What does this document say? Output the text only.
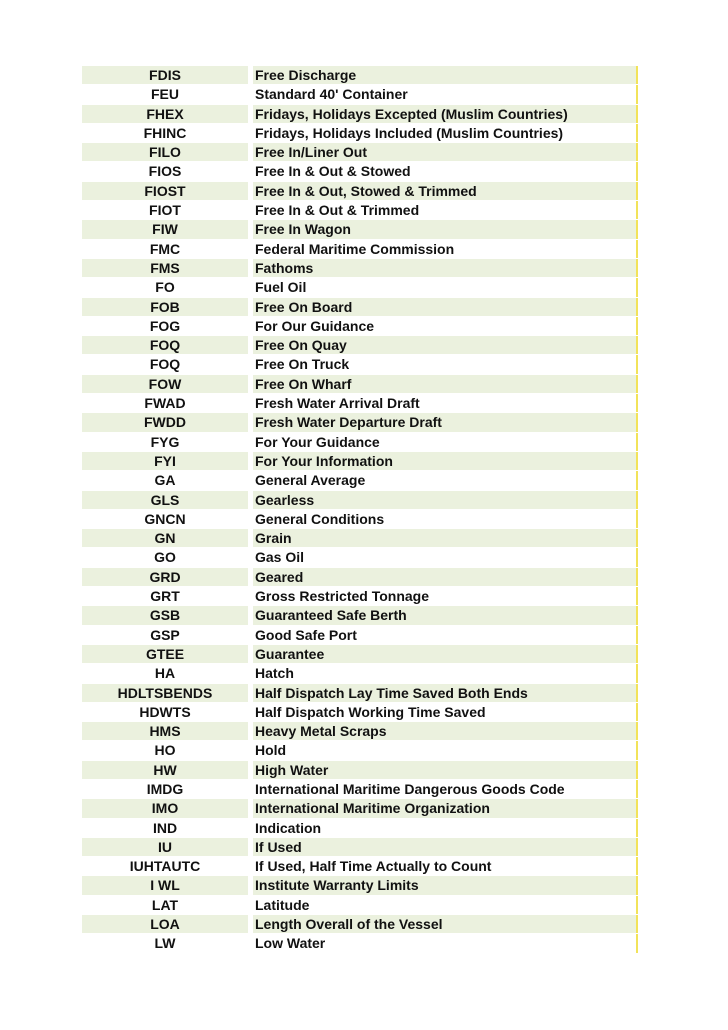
FDIS	Free Discharge
FEU	Standard 40' Container
FHEX	Fridays, Holidays Excepted (Muslim Countries)
FHINC	Fridays, Holidays Included (Muslim Countries)
FILO	Free In/Liner Out
FIOS	Free In & Out & Stowed
FIOST	Free In & Out, Stowed & Trimmed
FIOT	Free In & Out & Trimmed
FIW	Free In Wagon
FMC	Federal Maritime Commission
FMS	Fathoms
FO	Fuel Oil
FOB	Free On Board
FOG	For Our Guidance
FOQ	Free On Quay
FOQ	Free On Truck
FOW	Free On Wharf
FWAD	Fresh Water Arrival Draft
FWDD	Fresh Water Departure Draft
FYG	For Your Guidance
FYI	For Your Information
GA	General Average
GLS	Gearless
GNCN	General Conditions
GN	Grain
GO	Gas Oil
GRD	Geared
GRT	Gross Restricted Tonnage
GSB	Guaranteed Safe Berth
GSP	Good Safe Port
GTEE	Guarantee
HA	Hatch
HDLTSBENDS	Half Dispatch Lay Time Saved Both Ends
HDWTS	Half Dispatch Working Time Saved
HMS	Heavy Metal Scraps
HO	Hold
HW	High Water
IMDG	International Maritime Dangerous Goods Code
IMO	International Maritime Organization
IND	Indication
IU	If Used
IUHTAUTC	If Used, Half Time Actually to Count
I WL	Institute Warranty Limits
LAT	Latitude
LOA	Length Overall of the Vessel
LW	Low Water
